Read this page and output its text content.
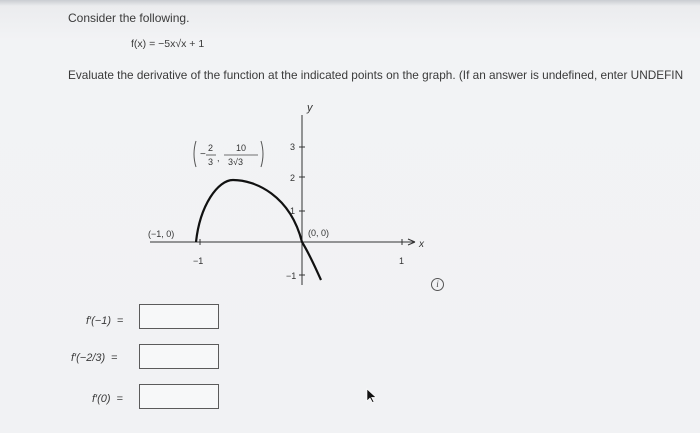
Consider the following.
f(x) = −5x√x + 1
Evaluate the derivative of the function at the indicated points on the graph. (If an answer is undefined, enter UNDEFIN
y
x
−1	1
3
2
1
−1
(−1, 0)	(0, 0)
−
2
3 ,
10
3√3
f′(−1) =
f′(−2/3) =
f′(0) =
i
